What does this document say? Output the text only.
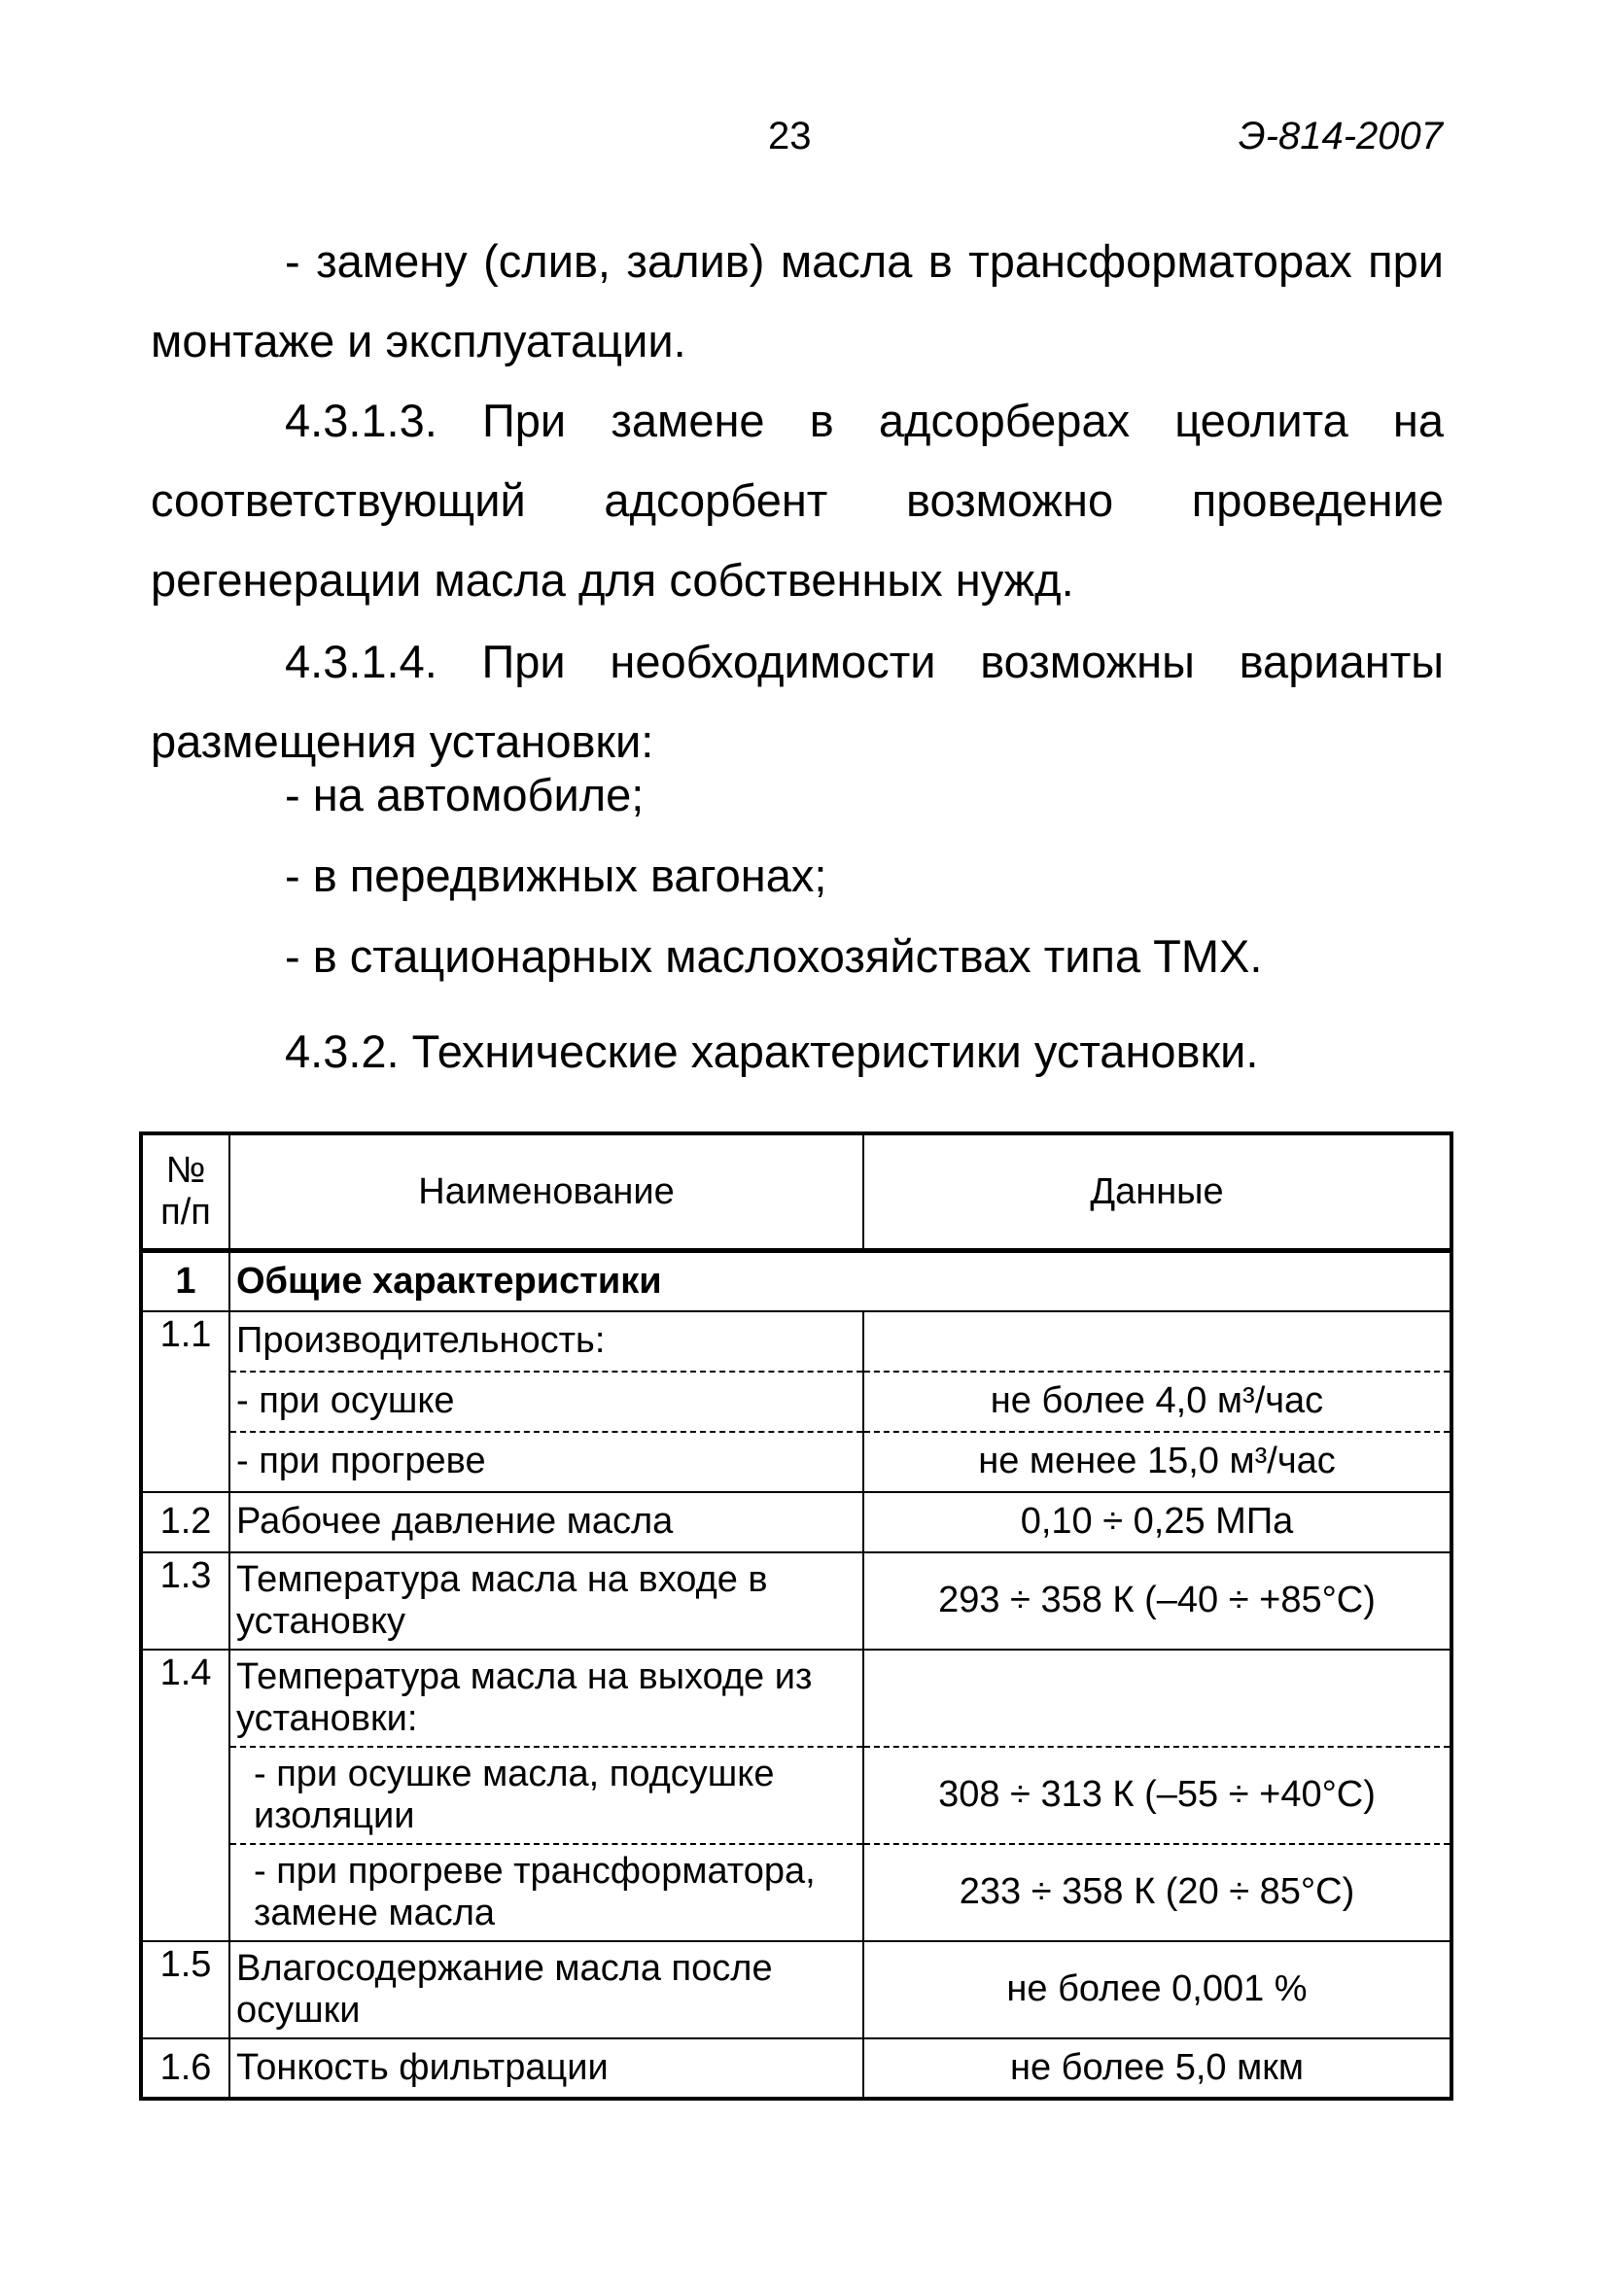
23	Э-814-2007

- замену (слив, залив) масла в трансформаторах при монтаже и эксплуатации.

4.3.1.3. При замене в адсорберах цеолита на соответствующий адсорбент возможно проведение регенерации масла для собственных нужд.

4.3.1.4. При необходимости возможны варианты размещения установки:

- на автомобиле;
- в передвижных вагонах;
- в стационарных маслохозяйствах типа ТМХ.
4.3.2. Технические характеристики установки.
№ п/п	Наименование	Данные
1	Общие характеристики	
1.1	Производительность:	
	- при осушке	не более 4,0 м³/час
	- при прогреве	не менее 15,0 м³/час
1.2	Рабочее давление масла	0,10 ÷ 0,25 МПа
1.3	Температура масла на входе в установку	293 ÷ 358 К (–40 ÷ +85°С)
1.4	Температура масла на выходе из установки:	
	- при осушке масла, подсушке изоляции	308 ÷ 313 К (–55 ÷ +40°С)
	- при прогреве трансформатора, замене масла	233 ÷ 358 К (20 ÷ 85°С)
1.5	Влагосодержание масла после осушки	не более 0,001 %
1.6	Тонкость фильтрации	не более 5,0 мкм
